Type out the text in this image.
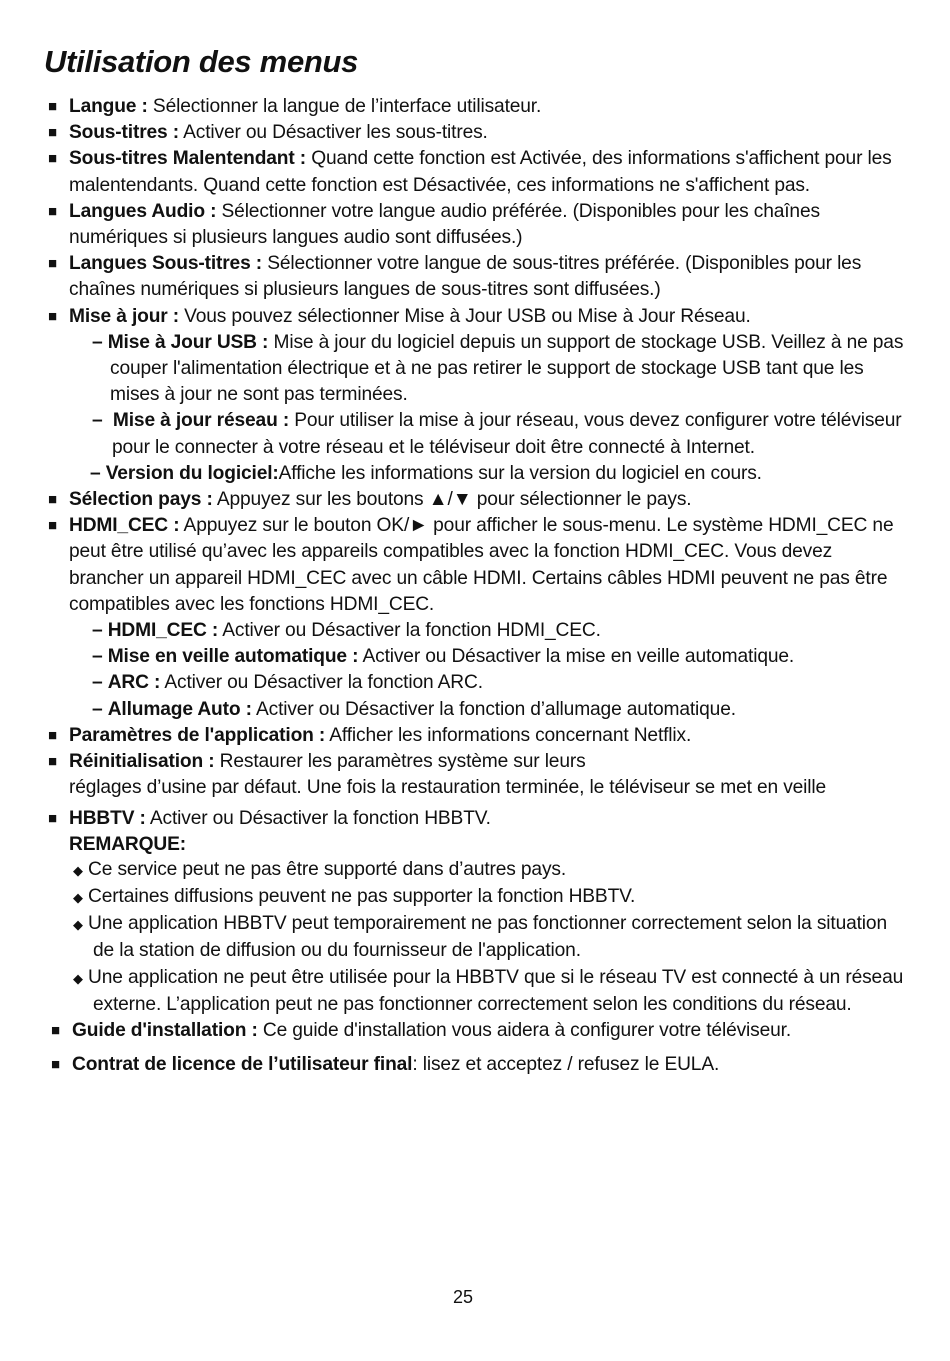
Utilisation des menus
■ Langue : Sélectionner la langue de l’interface utilisateur.
■ Sous-titres : Activer ou Désactiver les sous-titres.
■ Sous-titres Malentendant : Quand cette fonction est Activée, des informations s'affichent pour les malentendants. Quand cette fonction est Désactivée, ces informations ne s'affichent pas.
■ Langues Audio : Sélectionner votre langue audio préférée. (Disponibles pour les chaînes numériques si plusieurs langues audio sont diffusées.)
■ Langues Sous-titres : Sélectionner votre langue de sous-titres préférée. (Disponibles pour les chaînes numériques si plusieurs langues de sous-titres sont diffusées.)
■ Mise à jour : Vous pouvez sélectionner Mise à Jour USB ou Mise à Jour Réseau.
– Mise à Jour USB : Mise à jour du logiciel depuis un support de stockage USB. Veillez à ne pas couper l'alimentation électrique et à ne pas retirer le support de stockage USB tant que les mises à jour ne sont pas terminées.
– Mise à jour réseau : Pour utiliser la mise à jour réseau, vous devez configurer votre téléviseur pour le connecter à votre réseau et le téléviseur doit être connecté à Internet.
– Version du logiciel:Affiche les informations sur la version du logiciel en cours.
■ Sélection pays : Appuyez sur les boutons ▲/▼ pour sélectionner le pays.
■ HDMI_CEC : Appuyez sur le bouton OK/► pour afficher le sous-menu. Le système HDMI_CEC ne peut être utilisé qu’avec les appareils compatibles avec la fonction HDMI_CEC. Vous devez brancher un appareil HDMI_CEC avec un câble HDMI. Certains câbles HDMI peuvent ne pas être compatibles avec les fonctions HDMI_CEC.
– HDMI_CEC : Activer ou Désactiver la fonction HDMI_CEC.
– Mise en veille automatique : Activer ou Désactiver la mise en veille automatique.
– ARC : Activer ou Désactiver la fonction ARC.
– Allumage Auto : Activer ou Désactiver la fonction d’allumage automatique.
■ Paramètres de l'application : Afficher les informations concernant Netflix.
■ Réinitialisation : Restaurer les paramètres système sur leurs
réglages d’usine par défaut. Une fois la restauration terminée, le téléviseur se met en veille
■ HBBTV : Activer ou Désactiver la fonction HBBTV.
REMARQUE:
◆ Ce service peut ne pas être supporté dans d’autres pays.
◆ Certaines diffusions peuvent ne pas supporter la fonction HBBTV.
◆ Une application HBBTV peut temporairement ne pas fonctionner correctement selon la situation de la station de diffusion ou du fournisseur de l'application.
◆ Une application ne peut être utilisée pour la HBBTV que si le réseau TV est connecté à un réseau externe. L’application peut ne pas fonctionner correctement selon les conditions du réseau.
■ Guide d'installation : Ce guide d'installation vous aidera à configurer votre téléviseur.
■ Contrat de licence de l’utilisateur final: lisez et acceptez / refusez le EULA.
25
